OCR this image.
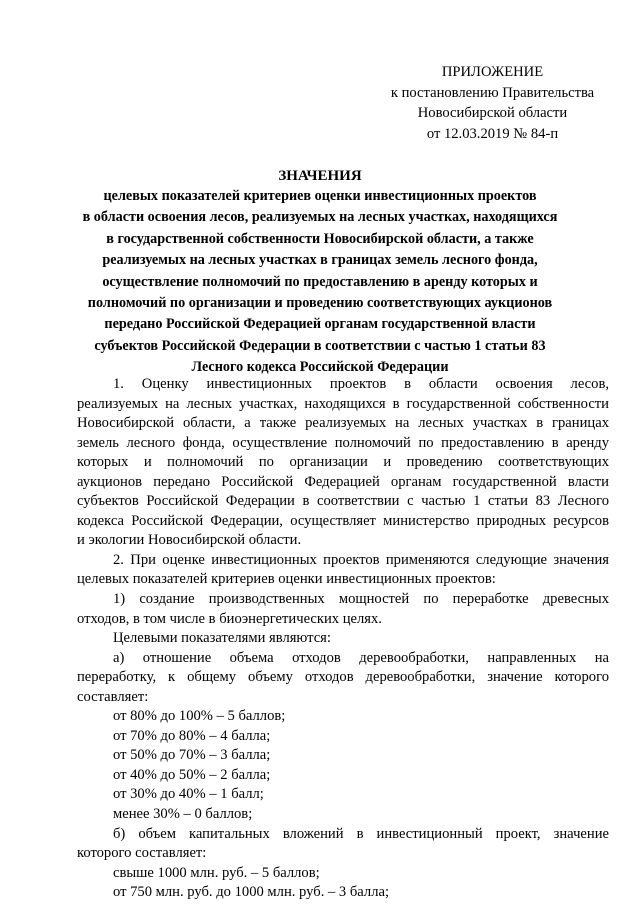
ПРИЛОЖЕНИЕ
к постановлению Правительства
Новосибирской области
от 12.03.2019 № 84-п
ЗНАЧЕНИЯ
целевых показателей критериев оценки инвестиционных проектов
в области освоения лесов, реализуемых на лесных участках, находящихся
в государственной собственности Новосибирской области, а также
реализуемых на лесных участках в границах земель лесного фонда,
осуществление полномочий по предоставлению в аренду которых и
полномочий по организации и проведению соответствующих аукционов
передано Российской Федерацией органам государственной власти
субъектов Российской Федерации в соответствии с частью 1 статьи 83
Лесного кодекса Российской Федерации
1. Оценку инвестиционных проектов в области освоения лесов,
реализуемых на лесных участках, находящихся в государственной собственности
Новосибирской области, а также реализуемых на лесных участках в границах
земель лесного фонда, осуществление полномочий по предоставлению в аренду
которых и полномочий по организации и проведению соответствующих
аукционов передано Российской Федерацией органам государственной власти
субъектов Российской Федерации в соответствии с частью 1 статьи 83 Лесного
кодекса Российской Федерации, осуществляет министерство природных ресурсов
и экологии Новосибирской области.
2. При оценке инвестиционных проектов применяются следующие значения
целевых показателей критериев оценки инвестиционных проектов:
1) создание производственных мощностей по переработке древесных
отходов, в том числе в биоэнергетических целях.
Целевыми показателями являются:
а) отношение объема отходов деревообработки, направленных на
переработку, к общему объему отходов деревообработки, значение которого
составляет:
от 80% до 100% – 5 баллов;
от 70% до 80% – 4 балла;
от 50% до 70% – 3 балла;
от 40% до 50% – 2 балла;
от 30% до 40% – 1 балл;
менее 30% – 0 баллов;
б) объем капитальных вложений в инвестиционный проект, значение
которого составляет:
свыше 1000 млн. руб. – 5 баллов;
от 750 млн. руб. до 1000 млн. руб. – 3 балла;
